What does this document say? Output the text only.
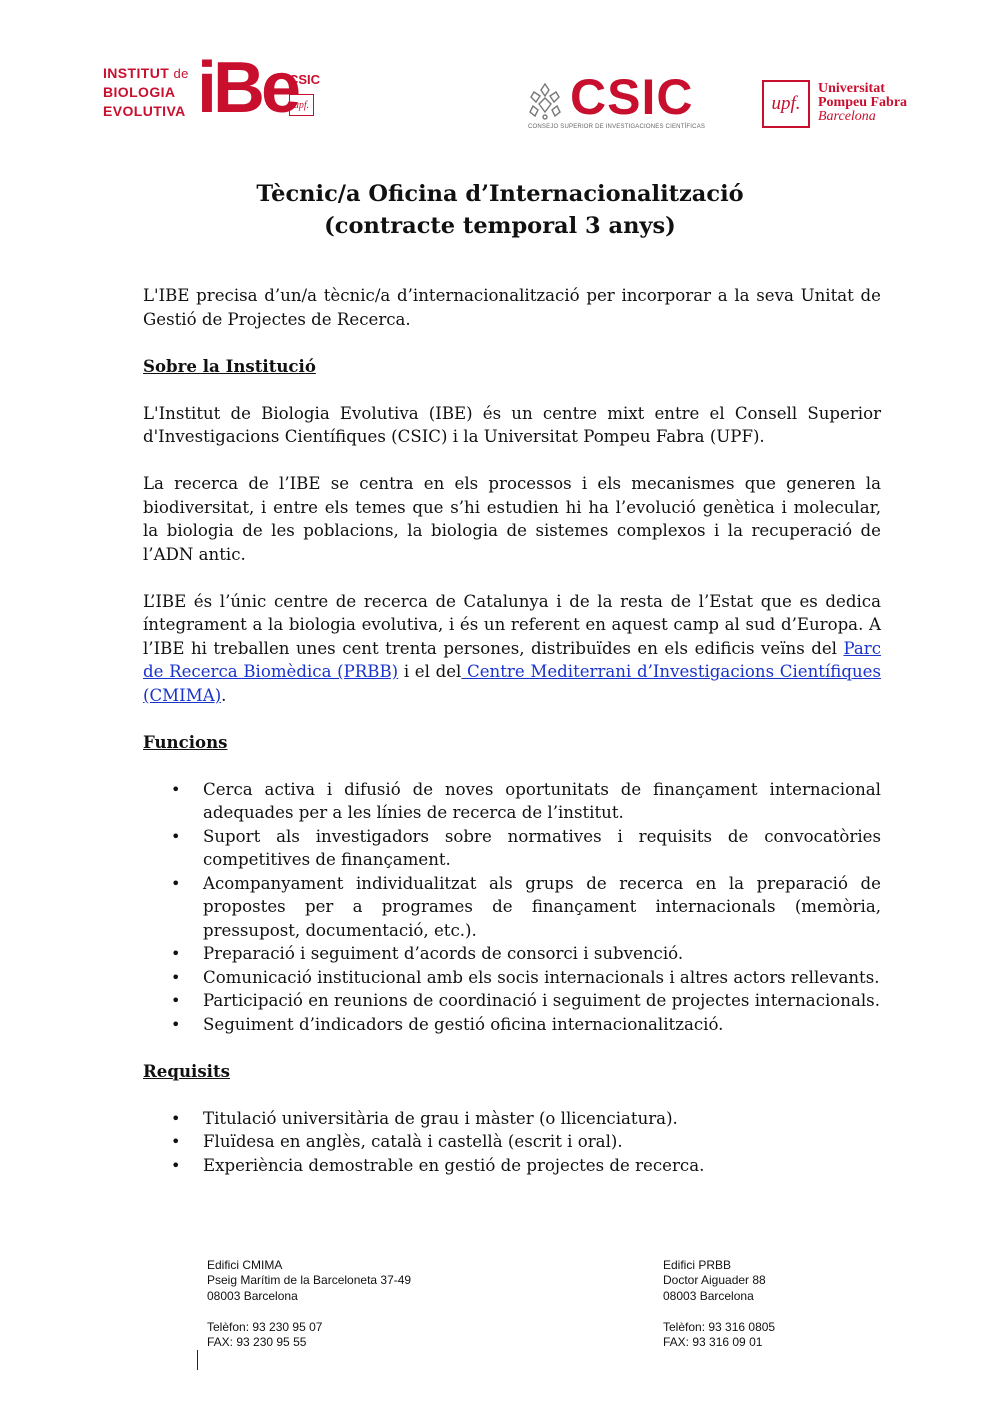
INSTITUT de
BIOLOGIA
EVOLUTIVA iBe
CSIC
upf.	CSIC
CONSEJO SUPERIOR DE INVESTIGACIONES CIENTÍFICAS
upf.
Universitat
Pompeu Fabra
Barcelona
Tècnic/a Oficina d’Internacionalització
(contracte temporal 3 anys)

L'IBE precisa d’un/a tècnic/a d’internacionalització per incorporar a la seva Unitat de Gestió de Projectes de Recerca.

Sobre la Institució

L'Institut de Biologia Evolutiva (IBE) és un centre mixt entre el Consell Superior d'Investigacions Científiques (CSIC) i la Universitat Pompeu Fabra (UPF).

La recerca de l’IBE se centra en els processos i els mecanismes que generen la biodiversitat, i entre els temes que s’hi estudien hi ha l’evolució genètica i molecular, la biologia de les poblacions, la biologia de sistemes complexos i la recuperació de l’ADN antic.

L’IBE és l’únic centre de recerca de Catalunya i de la resta de l’Estat que es dedica íntegrament a la biologia evolutiva, i és un referent en aquest camp al sud d’Europa. A l’IBE hi treballen unes cent trenta persones, distribuïdes en els edificis veïns del Parc de Recerca Biomèdica (PRBB) i el del Centre Mediterrani d’Investigacions Científiques (CMIMA).

Funcions
• Cerca activa i difusió de noves oportunitats de finançament internacional adequades per a les línies de recerca de l’institut.
• Suport als investigadors sobre normatives i requisits de convocatòries competitives de finançament.
• Acompanyament individualitzat als grups de recerca en la preparació de propostes per a programes de finançament internacionals (memòria, pressupost, documentació, etc.).
• Preparació i seguiment d’acords de consorci i subvenció.
• Comunicació institucional amb els socis internacionals i altres actors rellevants.
• Participació en reunions de coordinació i seguiment de projectes internacionals.
• Seguiment d’indicadors de gestió oficina internacionalització.
Requisits
• Titulació universitària de grau i màster (o llicenciatura).
• Fluïdesa en anglès, català i castellà (escrit i oral).
• Experiència demostrable en gestió de projectes de recerca.
Edifici CMIMA
Pseig Marítim de la Barceloneta 37-49
08003 Barcelona
Telèfon: 93 230 95 07
FAX: 93 230 95 55
Edifici PRBB
Doctor Aiguader 88
08003 Barcelona
Telèfon: 93 316 0805
FAX: 93 316 09 01
